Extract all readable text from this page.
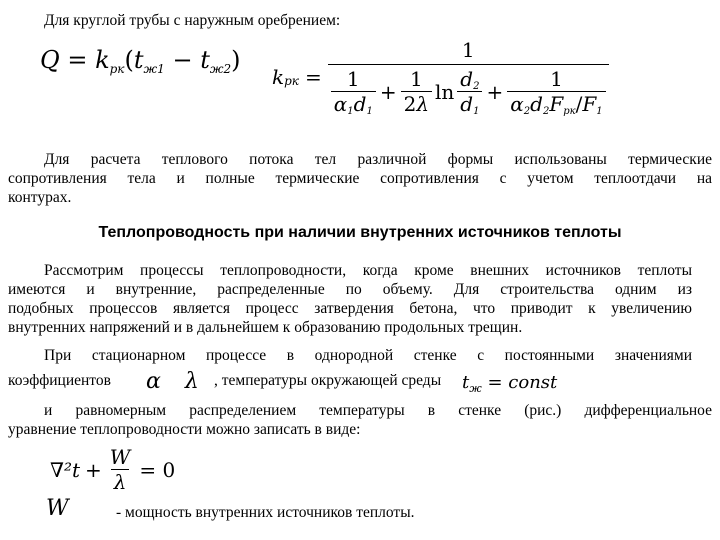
Для круглой трубы с наружным оребрением:
$Q = k_{рк}(t_{ж1} - t_{ж2})$
k рк =
1
$\frac{1}{\alpha 1d1} + \frac{1}{2\lambda}$ $\ln \frac{d2}{d1} + \frac{1}{\text{α2d2Fрк/F1}}$
Для расчета теплового потока тел различной формы использованы термические
сопротивления тела и полные термические сопротивления с учетом теплоотдачи на
контурах.
Теплопроводность при наличии внутренних источников теплоты
Рассмотрим процессы теплопроводности, когда кроме внешних источников теплоты
имеются и внутренние, распределенные по объему. Для строительства одним из
подобных процессов является процесс затвердения бетона, что приводит к увеличению
внутренних напряжений и в дальнейшем к образованию продольных трещин.
При стационарном процессе в однородной стенке с постоянными значениями
коэффициентов α λ , температуры окружающей среды $t_ж$ = const
и равномерным распределением температуры в стенке (рис.) дифференциальное
уравнение теплопроводности можно записать в виде:
$\nabla^2t + \frac{W}{\lambda} = 0$
W	- мощность внутренних источников теплоты.
